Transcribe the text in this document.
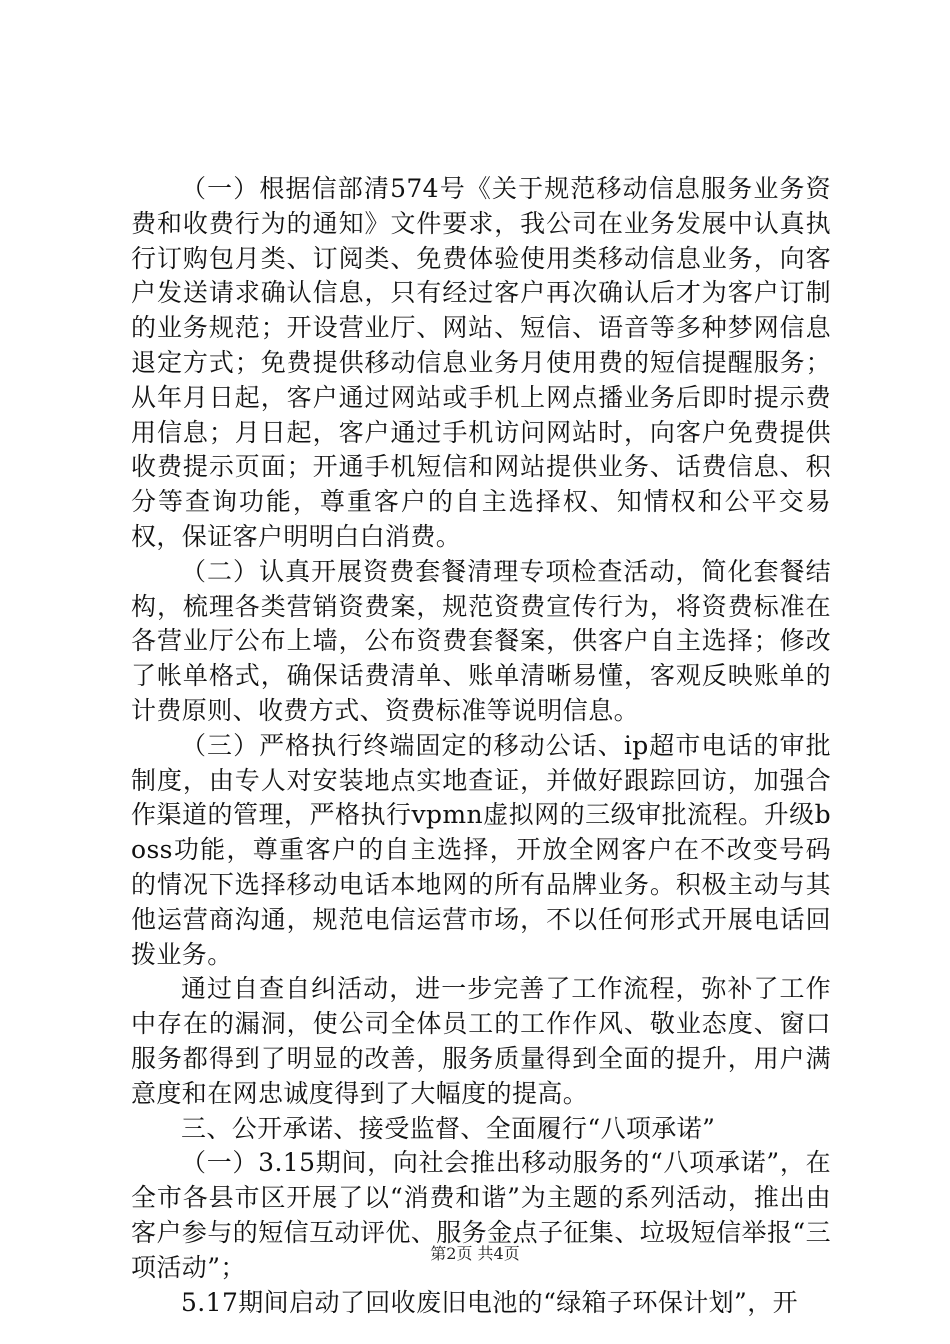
（一）根据信部清574号《关于规范移动信息服务业务资费和收费行为的通知》文件要求，我公司在业务发展中认真执行订购包月类、订阅类、免费体验使用类移动信息业务，向客户发送请求确认信息，只有经过客户再次确认后才为客户订制的业务规范；开设营业厅、网站、短信、语音等多种梦网信息退定方式；免费提供移动信息业务月使用费的短信提醒服务；从年月日起，客户通过网站或手机上网点播业务后即时提示费用信息；月日起，客户通过手机访问网站时，向客户免费提供收费提示页面；开通手机短信和网站提供业务、话费信息、积分等查询功能，尊重客户的自主选择权、知情权和公平交易权，保证客户明明白白消费。

（二）认真开展资费套餐清理专项检查活动，简化套餐结构，梳理各类营销资费案，规范资费宣传行为，将资费标准在各营业厅公布上墙，公布资费套餐案，供客户自主选择；修改了帐单格式，确保话费清单、账单清晰易懂，客观反映账单的计费原则、收费方式、资费标准等说明信息。

（三）严格执行终端固定的移动公话、ip超市电话的审批制度，由专人对安装地点实地查证，并做好跟踪回访，加强合作渠道的管理，严格执行vpmn虚拟网的三级审批流程。升级boss功能，尊重客户的自主选择，开放全网客户在不改变号码的情况下选择移动电话本地网的所有品牌业务。积极主动与其他运营商沟通，规范电信运营市场，不以任何形式开展电话回拨业务。

通过自查自纠活动，进一步完善了工作流程，弥补了工作中存在的漏洞，使公司全体员工的工作作风、敬业态度、窗口服务都得到了明显的改善，服务质量得到全面的提升，用户满意度和在网忠诚度得到了大幅度的提高。

三、公开承诺、接受监督、全面履行“八项承诺”

（一）3.15期间，向社会推出移动服务的“八项承诺”，在全市各县市区开展了以“消费和谐”为主题的系列活动，推出由客户参与的短信互动评优、服务金点子征集、垃圾短信举报“三项活动”；

5.17期间启动了回收废旧电池的“绿箱子环保计划”，开

第2页 共4页
